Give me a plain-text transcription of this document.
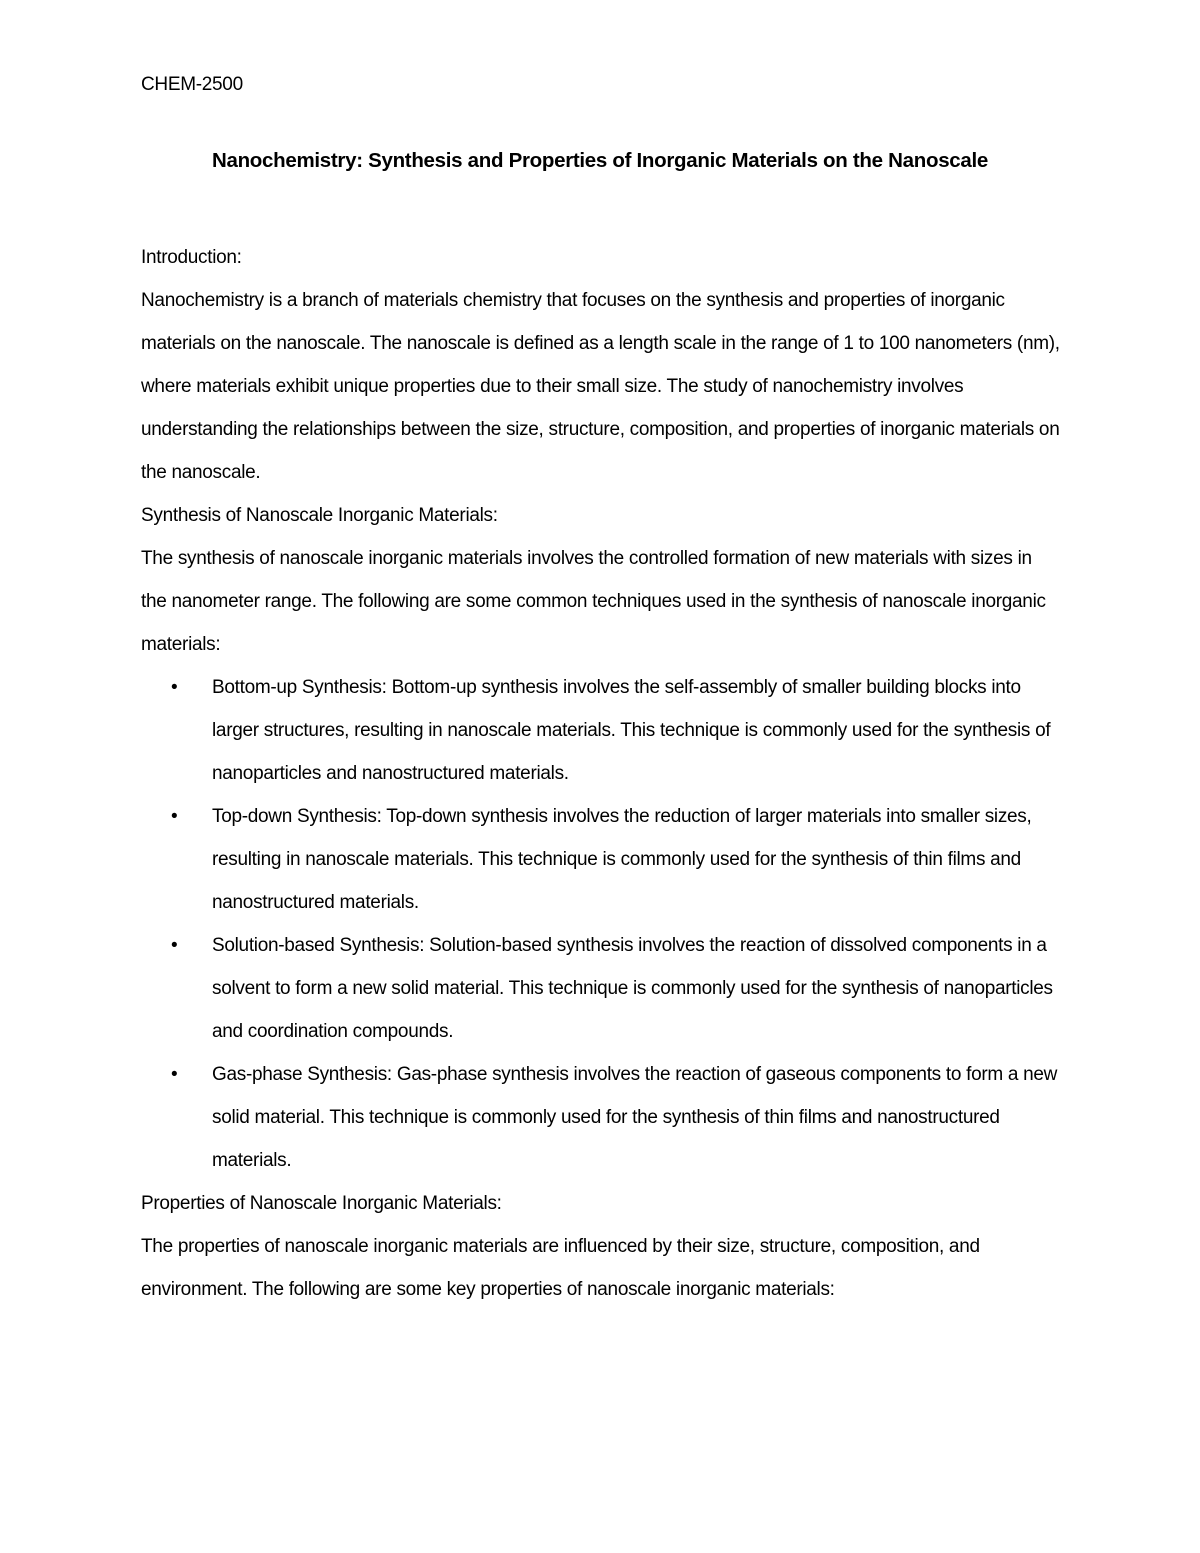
CHEM-2500
Nanochemistry: Synthesis and Properties of Inorganic Materials on the Nanoscale

Introduction:

Nanochemistry is a branch of materials chemistry that focuses on the synthesis and properties of inorganic materials on the nanoscale. The nanoscale is defined as a length scale in the range of 1 to 100 nanometers (nm), where materials exhibit unique properties due to their small size. The study of nanochemistry involves understanding the relationships between the size, structure, composition, and properties of inorganic materials on the nanoscale.

Synthesis of Nanoscale Inorganic Materials:

The synthesis of nanoscale inorganic materials involves the controlled formation of new materials with sizes in the nanometer range. The following are some common techniques used in the synthesis of nanoscale inorganic materials:

• Bottom-up Synthesis: Bottom-up synthesis involves the self-assembly of smaller building blocks into larger structures, resulting in nanoscale materials. This technique is commonly used for the synthesis of nanoparticles and nanostructured materials.
• Top-down Synthesis: Top-down synthesis involves the reduction of larger materials into smaller sizes, resulting in nanoscale materials. This technique is commonly used for the synthesis of thin films and nanostructured materials.
• Solution-based Synthesis: Solution-based synthesis involves the reaction of dissolved components in a solvent to form a new solid material. This technique is commonly used for the synthesis of nanoparticles and coordination compounds.
• Gas-phase Synthesis: Gas-phase synthesis involves the reaction of gaseous components to form a new solid material. This technique is commonly used for the synthesis of thin films and nanostructured materials.

Properties of Nanoscale Inorganic Materials:

The properties of nanoscale inorganic materials are influenced by their size, structure, composition, and environment. The following are some key properties of nanoscale inorganic materials:
